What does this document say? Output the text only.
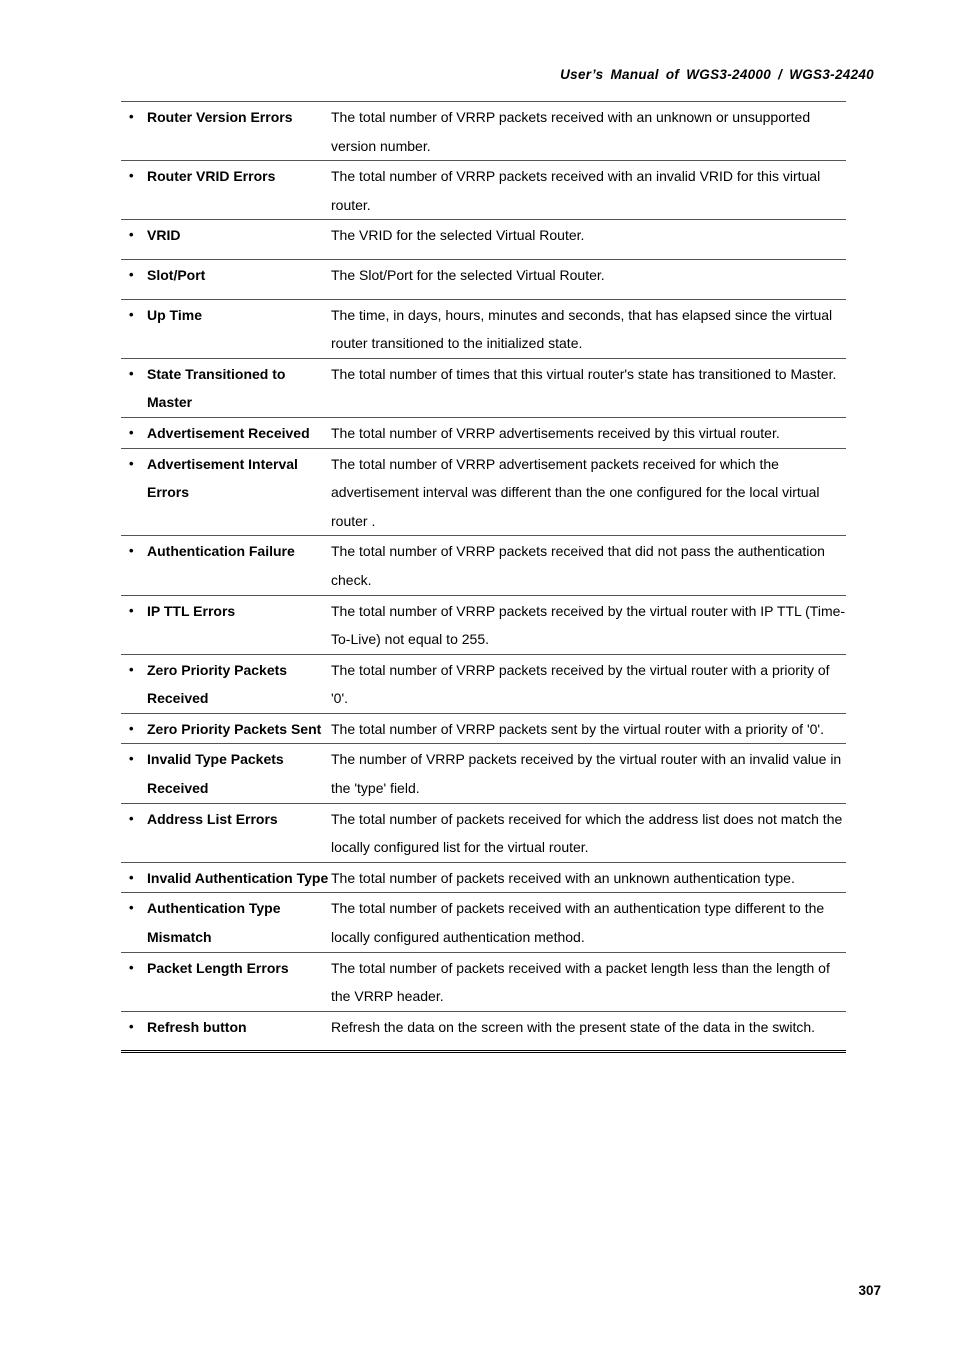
User’s Manual of WGS3-24000 / WGS3-24240
• Router Version Errors	The total number of VRRP packets received with an unknown or unsupported version number.

• Router VRID Errors	The total number of VRRP packets received with an invalid VRID for this virtual router.

• VRID	The VRID for the selected Virtual Router.

• Slot/Port	The Slot/Port for the selected Virtual Router.

• Up Time	The time, in days, hours, minutes and seconds, that has elapsed since the virtual router transitioned to the initialized state.

• State Transitioned to Master	The total number of times that this virtual router's state has transitioned to Master.

• Advertisement Received	The total number of VRRP advertisements received by this virtual router.

• Advertisement Interval Errors	The total number of VRRP advertisement packets received for which the advertisement interval was different than the one configured for the local virtual router .

• Authentication Failure	The total number of VRRP packets received that did not pass the authentication check.

• IP TTL Errors	The total number of VRRP packets received by the virtual router with IP TTL (Time-To-Live) not equal to 255.

• Zero Priority Packets Received	The total number of VRRP packets received by the virtual router with a priority of '0'.

• Zero Priority Packets Sent	The total number of VRRP packets sent by the virtual router with a priority of '0'.

• Invalid Type Packets Received	The number of VRRP packets received by the virtual router with an invalid value in the 'type' field.

• Address List Errors	The total number of packets received for which the address list does not match the locally configured list for the virtual router.

• Invalid Authentication Type	The total number of packets received with an unknown authentication type.

• Authentication Type Mismatch	The total number of packets received with an authentication type different to the locally configured authentication method.

• Packet Length Errors	The total number of packets received with a packet length less than the length of the VRRP header.

• Refresh button	Refresh the data on the screen with the present state of the data in the switch.
307
